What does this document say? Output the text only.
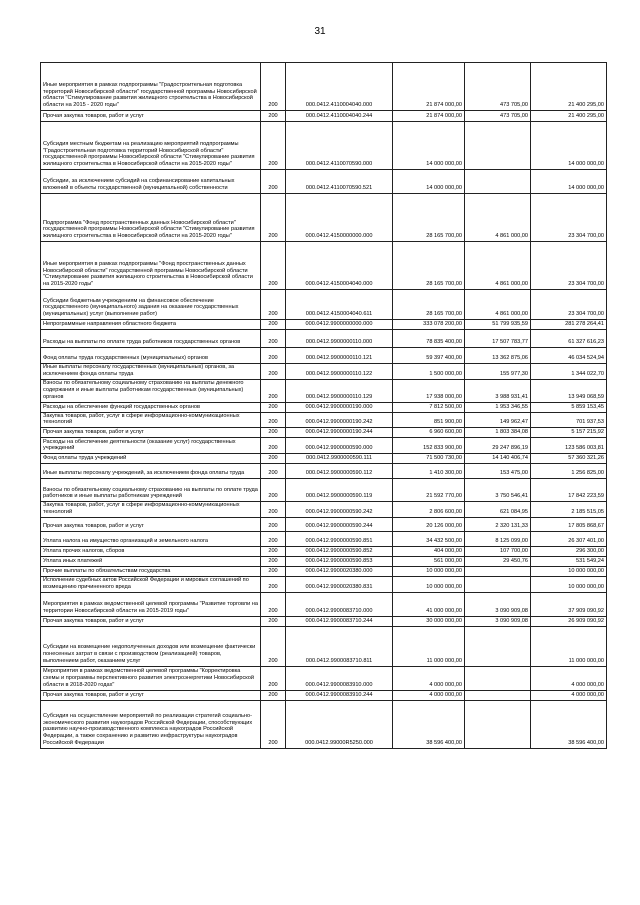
31
Иные мероприятия в рамках подпрограммы "Градостроительная подготовка территорий Новосибирской области" государственной программы Новосибирской области "Стимулирование развития жилищного строительства в Новосибирской области на 2015 - 2020 годы"	200	000.0412.4110004040.000	21 874 000,00	473 705,00	21 400 295,00
Прочая закупка товаров, работ и услуг	200	000.0412.4110004040.244	21 874 000,00	473 705,00	21 400 295,00
Субсидия местным бюджетам на реализацию мероприятий подпрограммы "Градостроительная подготовка территорий Новосибирской области" государственной программы Новосибирской области "Стимулирование развития жилищного строительства в Новосибирской области на 2015-2020 годы"	200	000.0412.4110070590.000	14 000 000,00		14 000 000,00
Субсидии, за исключением субсидий на софинансирование капитальных вложений в объекты государственной (муниципальной) собственности	200	000.0412.4110070590.521	14 000 000,00		14 000 000,00
Подпрограмма "Фонд пространственных данных Новосибирской области" государственной программы Новосибирской области "Стимулирование развития жилищного строительства в Новосибирской области на 2015-2020 годы"	200	000.0412.4150000000.000	28 165 700,00	4 861 000,00	23 304 700,00
Иные мероприятия в рамках подпрограммы "Фонд пространственных данных Новосибирской области" государственной программы Новосибирской области "Стимулирование развития жилищного строительства в Новосибирской области на 2015-2020 годы"	200	000.0412.4150004040.000	28 165 700,00	4 861 000,00	23 304 700,00
Субсидии бюджетным учреждениям на финансовое обеспечение государственного (муниципального) задания на оказание государственных (муниципальных) услуг (выполнение работ)	200	000.0412.4150004040.611	28 165 700,00	4 861 000,00	23 304 700,00
Непрограммные направления областного бюджета	200	000.0412.9900000000.000	333 078 200,00	51 799 935,59	281 278 264,41
Расходы на выплаты по оплате труда работников государственных органов	200	000.0412.9900000110.000	78 835 400,00	17 507 783,77	61 327 616,23
Фонд оплаты труда государственных (муниципальных) органов	200	000.0412.9900000110.121	59 397 400,00	13 362 875,06	46 034 524,94
Иные выплаты персоналу государственных (муниципальных) органов, за исключением фонда оплаты труда	200	000.0412.9900000110.122	1 500 000,00	155 977,30	1 344 022,70
Взносы по обязательному социальному страхованию на выплаты денежного содержания и иные выплаты работникам государственных (муниципальных) органов	200	000.0412.9900000110.129	17 938 000,00	3 988 931,41	13 949 068,59
Расходы на обеспечение функций государственных органов	200	000.0412.9900000190.000	7 812 500,00	1 953 346,55	5 859 153,45
Закупка товаров, работ, услуг в сфере информационно-коммуникационных технологий	200	000.0412.9900000190.242	851 900,00	149 962,47	701 937,53
Прочая закупка товаров, работ и услуг	200	000.0412.9900000190.244	6 960 600,00	1 803 384,08	5 157 215,92
Расходы на обеспечение деятельности (оказание услуг) государственных учреждений	200	000.0412.9900000590.000	152 833 900,00	29 247 896,19	123 586 003,81
Фонд оплаты труда учреждений	200	000.0412.9900000590.111	71 500 730,00	14 140 406,74	57 360 321,26
Иные выплаты персоналу учреждений, за исключением фонда оплаты труда	200	000.0412.9900000590.112	1 410 300,00	153 475,00	1 256 825,00
Взносы по обязательному социальному страхованию на выплаты по оплате труда работников и иные выплаты работникам учреждений	200	000.0412.9900000590.119	21 592 770,00	3 750 546,41	17 842 223,59
Закупка товаров, работ, услуг в сфере информационно-коммуникационных технологий	200	000.0412.9900000590.242	2 806 600,00	621 084,95	2 185 515,05
Прочая закупка товаров, работ и услуг	200	000.0412.9900000590.244	20 126 000,00	2 320 131,33	17 805 868,67
Уплата налога на имущество организаций и земельного налога	200	000.0412.9900000590.851	34 432 500,00	8 125 099,00	26 307 401,00
Уплата прочих налогов, сборов	200	000.0412.9900000590.852	404 000,00	107 700,00	296 300,00
Уплата иных платежей	200	000.0412.9900000590.853	561 000,00	29 450,76	531 549,24
Прочие выплаты по обязательствам государства	200	000.0412.9900020380.000	10 000 000,00		10 000 000,00
Исполнение судебных актов Российской Федерации и мировых соглашений по возмещению причиненного вреда	200	000.0412.9900020380.831	10 000 000,00		10 000 000,00
Мероприятия в рамках ведомственной целевой программы "Развитие торговли на территории Новосибирской области на 2015-2019 годы"	200	000.0412.9900083710.000	41 000 000,00	3 090 909,08	37 909 090,92
Прочая закупка товаров, работ и услуг	200	000.0412.9900083710.244	30 000 000,00	3 090 909,08	26 909 090,92
Субсидии на возмещение недополученных доходов или возмещение фактически понесенных затрат в связи с производством (реализацией) товаров, выполнением работ, оказанием услуг	200	000.0412.9900083710.811	11 000 000,00		11 000 000,00
Мероприятия в рамках ведомственной целевой программы "Корректировка схемы и программы перспективного развития электроэнергетики Новосибирской области в 2018-2020 годах"	200	000.0412.9900083910.000	4 000 000,00		4 000 000,00
Прочая закупка товаров, работ и услуг	200	000.0412.9900083910.244	4 000 000,00		4 000 000,00
Субсидия на осуществление мероприятий по реализации стратегий социально-экономического развития наукоградов Российской Федерации, способствующих развитию научно-производственного комплекса наукоградов Российской Федерации, а также сохранению и развитию инфраструктуры наукоградов Российской Федерации	200	000.0412.99000R5250.000	38 596 400,00		38 596 400,00
